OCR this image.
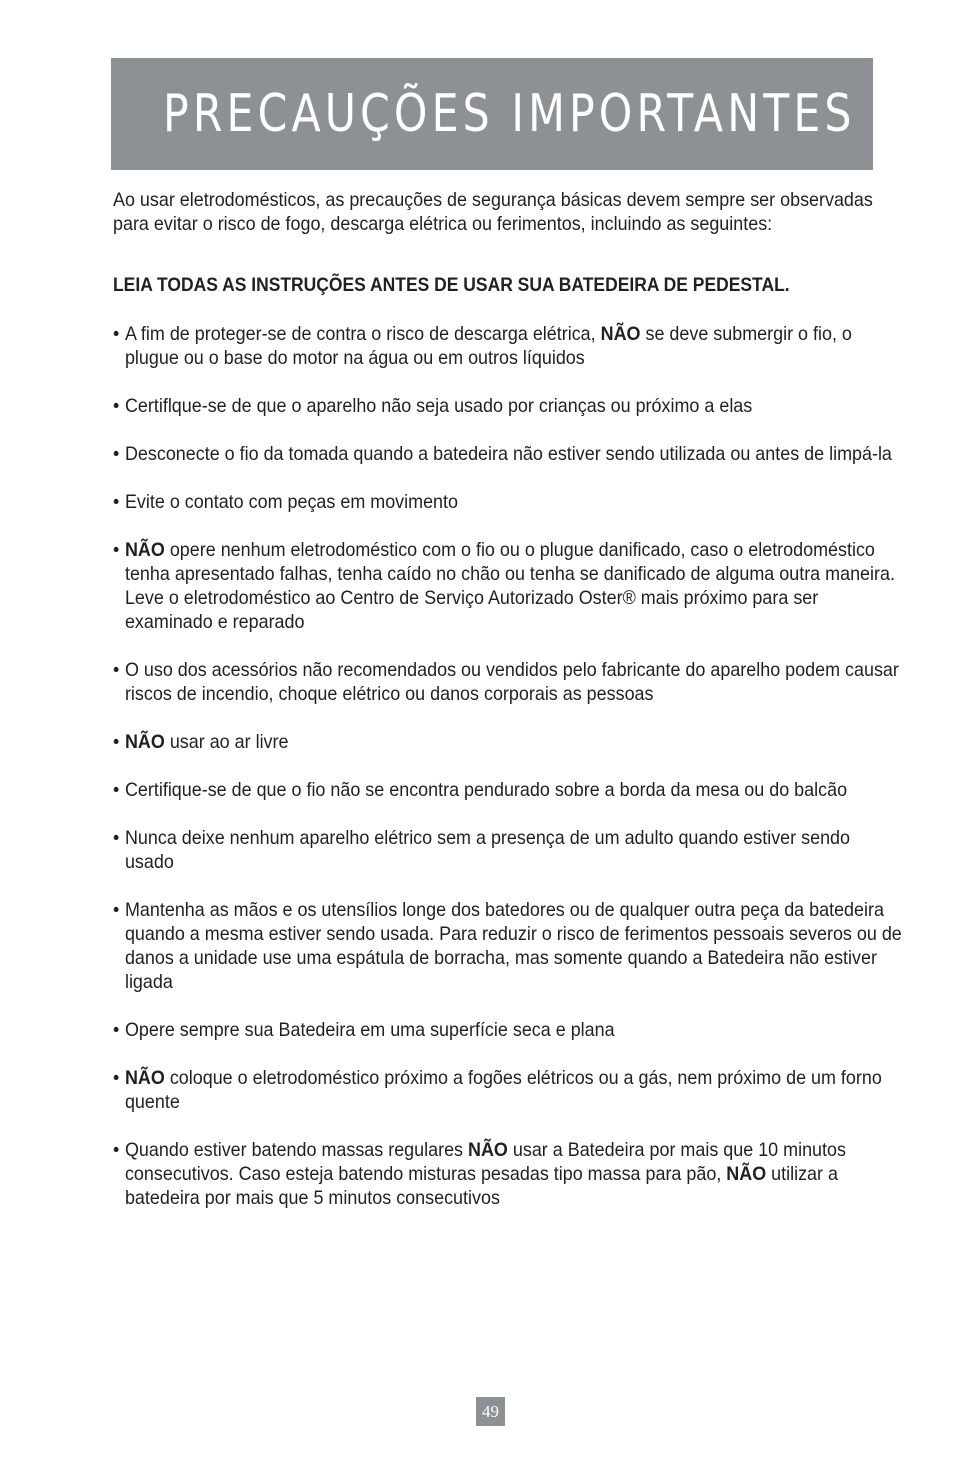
PRECAUÇÕES IMPORTANTES

Ao usar eletrodomésticos, as precauções de segurança básicas devem sempre ser observadas para evitar o risco de fogo, descarga elétrica ou ferimentos, incluindo as seguintes:

LEIA TODAS AS INSTRUÇÕES ANTES DE USAR SUA BATEDEIRA DE PEDESTAL.

• A fim de proteger-se de contra o risco de descarga elétrica, NÃO se deve submergir o fio, o plugue ou o base do motor na água ou em outros líquidos
• Certiflque-se de que o aparelho não seja usado por crianças ou próximo a elas
• Desconecte o fio da tomada quando a batedeira não estiver sendo utilizada ou antes de limpá-la
• Evite o contato com peças em movimento
• NÃO opere nenhum eletrodoméstico com o fio ou o plugue danificado, caso o eletrodoméstico tenha apresentado falhas, tenha caído no chão ou tenha se danificado de alguma outra maneira. Leve o eletrodoméstico ao Centro de Serviço Autorizado Oster® mais próximo para ser examinado e reparado
• O uso dos acessórios não recomendados ou vendidos pelo fabricante do aparelho podem causar riscos de incendio, choque elétrico ou danos corporais as pessoas
• NÃO usar ao ar livre
• Certifique-se de que o fio não se encontra pendurado sobre a borda da mesa ou do balcão
• Nunca deixe nenhum aparelho elétrico sem a presença de um adulto quando estiver sendo usado
• Mantenha as mãos e os utensílios longe dos batedores ou de qualquer outra peça da batedeira quando a mesma estiver sendo usada. Para reduzir o risco de ferimentos pessoais severos ou de danos a unidade use uma espátula de borracha, mas somente quando a Batedeira não estiver ligada
• Opere sempre sua Batedeira em uma superfície seca e plana
• NÃO coloque o eletrodoméstico próximo a fogões elétricos ou a gás, nem próximo de um forno quente
• Quando estiver batendo massas regulares NÃO usar a Batedeira por mais que 10 minutos consecutivos. Caso esteja batendo misturas pesadas tipo massa para pão, NÃO utilizar a batedeira por mais que 5 minutos consecutivos
49
